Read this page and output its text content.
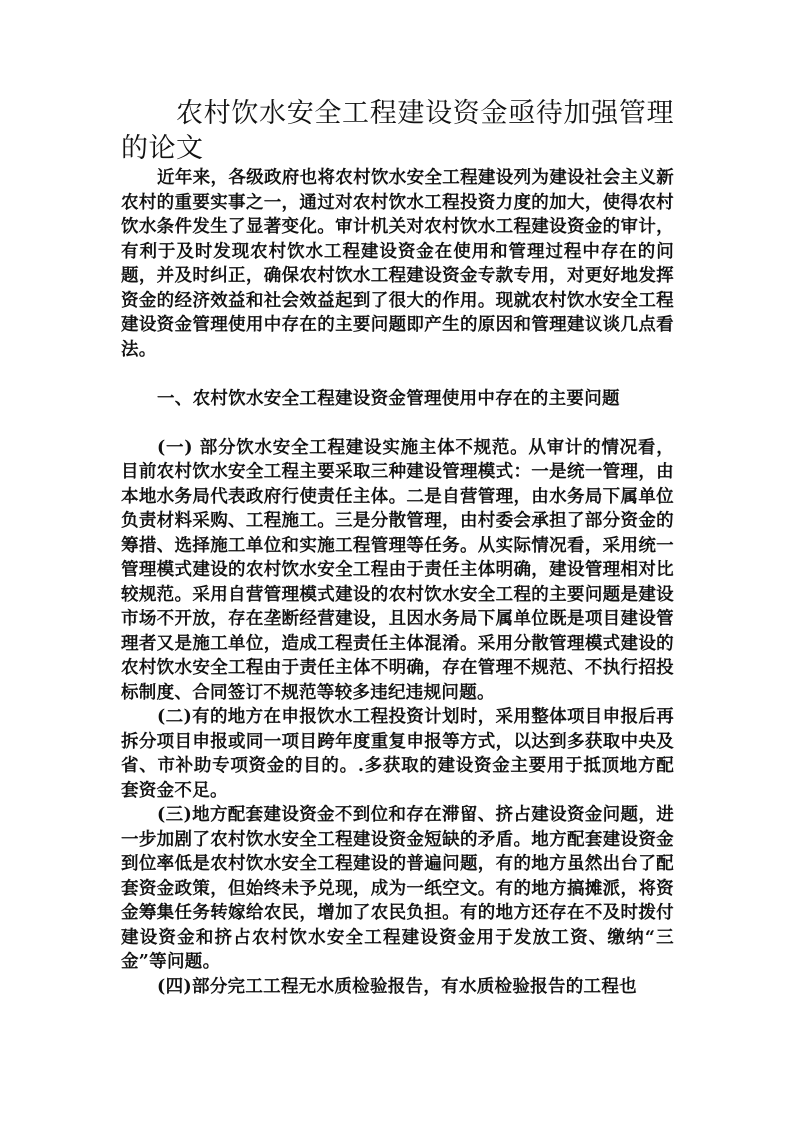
农村饮水安全工程建设资金亟待加强管理的论文

近年来，各级政府也将农村饮水安全工程建设列为建设社会主义新农村的重要实事之一，通过对农村饮水工程投资力度的加大，使得农村饮水条件发生了显著变化。审计机关对农村饮水工程建设资金的审计，有利于及时发现农村饮水工程建设资金在使用和管理过程中存在的问题，并及时纠正，确保农村饮水工程建设资金专款专用，对更好地发挥资金的经济效益和社会效益起到了很大的作用。现就农村饮水安全工程建设资金管理使用中存在的主要问题即产生的原因和管理建议谈几点看法。

一、农村饮水安全工程建设资金管理使用中存在的主要问题

(一) 部分饮水安全工程建设实施主体不规范。从审计的情况看，目前农村饮水安全工程主要采取三种建设管理模式：一是统一管理，由本地水务局代表政府行使责任主体。二是自营管理，由水务局下属单位负责材料采购、工程施工。三是分散管理，由村委会承担了部分资金的筹措、选择施工单位和实施工程管理等任务。从实际情况看，采用统一管理模式建设的农村饮水安全工程由于责任主体明确，建设管理相对比较规范。采用自营管理模式建设的农村饮水安全工程的主要问题是建设市场不开放，存在垄断经营建设，且因水务局下属单位既是项目建设管理者又是施工单位，造成工程责任主体混淆。采用分散管理模式建设的农村饮水安全工程由于责任主体不明确，存在管理不规范、不执行招投标制度、合同签订不规范等较多违纪违规问题。

(二)有的地方在申报饮水工程投资计划时，采用整体项目申报后再拆分项目申报或同一项目跨年度重复申报等方式，以达到多获取中央及省、市补助专项资金的目的。.多获取的建设资金主要用于抵顶地方配套资金不足。

(三)地方配套建设资金不到位和存在滞留、挤占建设资金问题，进一步加剧了农村饮水安全工程建设资金短缺的矛盾。地方配套建设资金到位率低是农村饮水安全工程建设的普遍问题，有的地方虽然出台了配套资金政策，但始终未予兑现，成为一纸空文。有的地方搞摊派，将资金筹集任务转嫁给农民，增加了农民负担。有的地方还存在不及时拨付建设资金和挤占农村饮水安全工程建设资金用于发放工资、缴纳“三金”等问题。

(四)部分完工工程无水质检验报告，有水质检验报告的工程也
